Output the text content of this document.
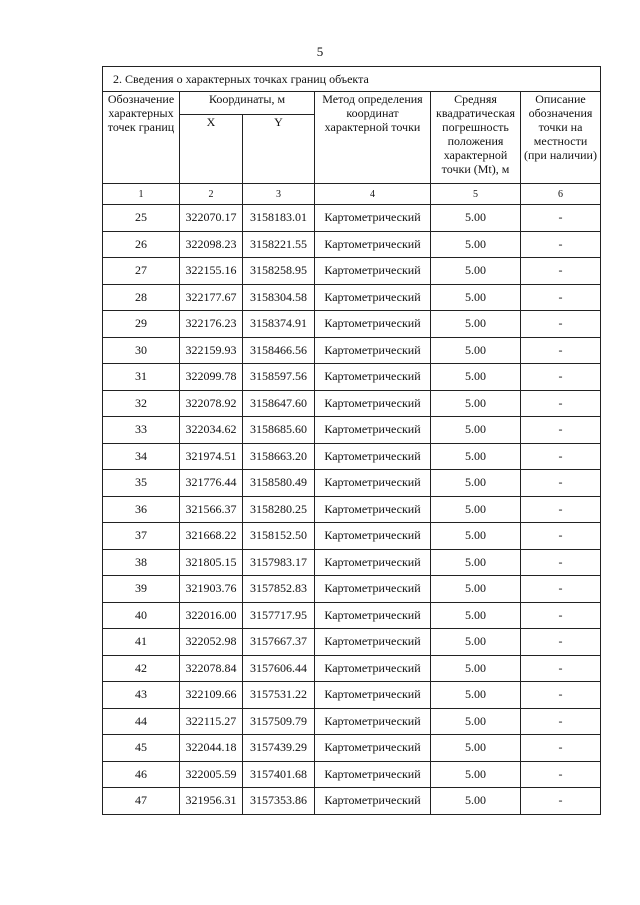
5
2. Сведения о характерных точках границ объекта					
Обозначение характерных точек границ	Координаты, м		Метод определения координат характерной точки	Средняя квадратическая погрешность положения характерной точки (Mt), м	Описание обозначения точки на местности (при наличии)
	X	Y			
1	2	3	4	5	6
25	322070.17	3158183.01	Картометрический	5.00	-
26	322098.23	3158221.55	Картометрический	5.00	-
27	322155.16	3158258.95	Картометрический	5.00	-
28	322177.67	3158304.58	Картометрический	5.00	-
29	322176.23	3158374.91	Картометрический	5.00	-
30	322159.93	3158466.56	Картометрический	5.00	-
31	322099.78	3158597.56	Картометрический	5.00	-
32	322078.92	3158647.60	Картометрический	5.00	-
33	322034.62	3158685.60	Картометрический	5.00	-
34	321974.51	3158663.20	Картометрический	5.00	-
35	321776.44	3158580.49	Картометрический	5.00	-
36	321566.37	3158280.25	Картометрический	5.00	-
37	321668.22	3158152.50	Картометрический	5.00	-
38	321805.15	3157983.17	Картометрический	5.00	-
39	321903.76	3157852.83	Картометрический	5.00	-
40	322016.00	3157717.95	Картометрический	5.00	-
41	322052.98	3157667.37	Картометрический	5.00	-
42	322078.84	3157606.44	Картометрический	5.00	-
43	322109.66	3157531.22	Картометрический	5.00	-
44	322115.27	3157509.79	Картометрический	5.00	-
45	322044.18	3157439.29	Картометрический	5.00	-
46	322005.59	3157401.68	Картометрический	5.00	-
47	321956.31	3157353.86	Картометрический	5.00	-
